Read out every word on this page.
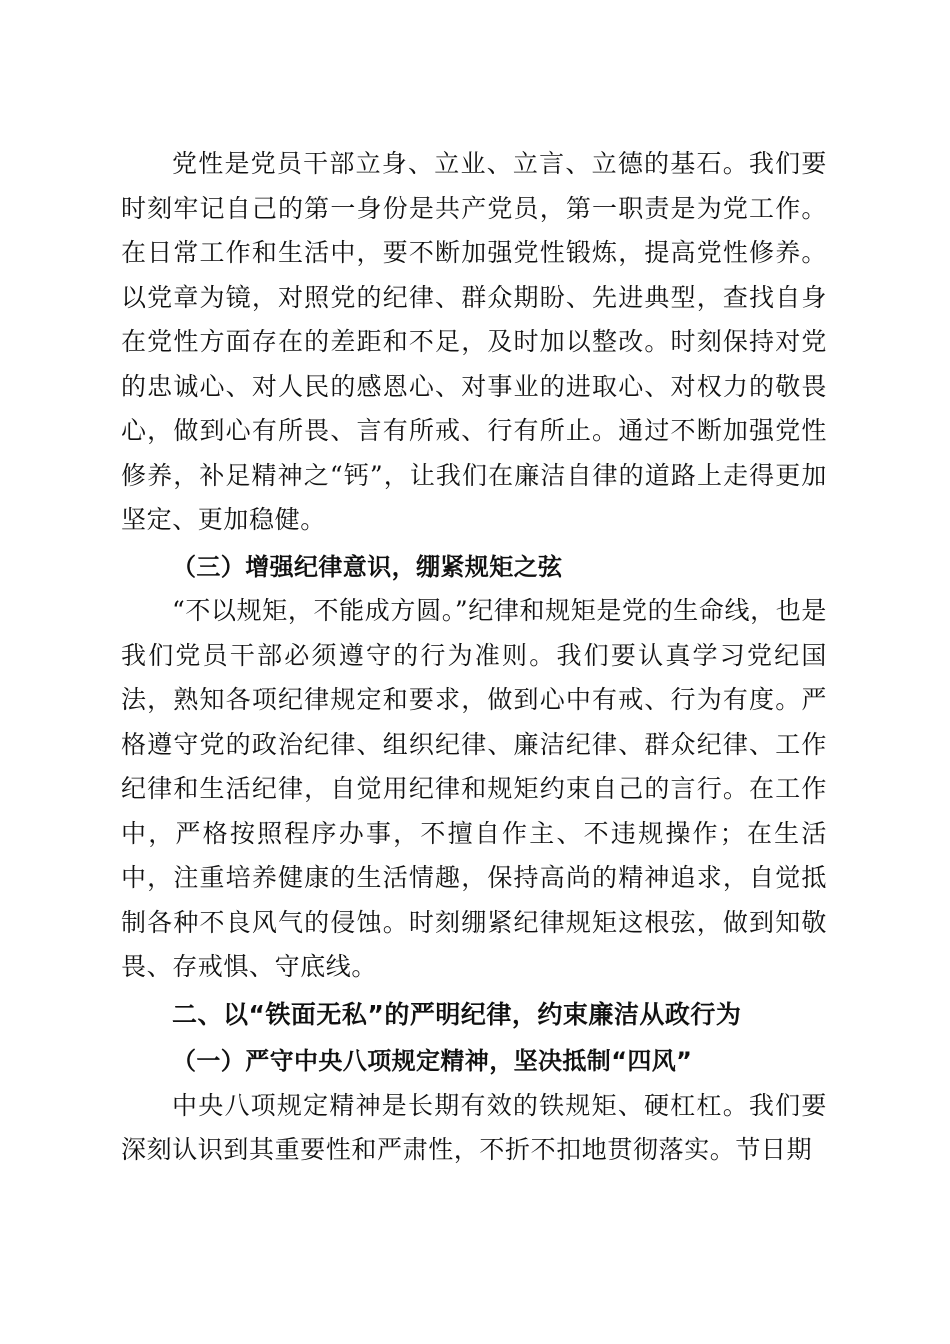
党性是党员干部立身、立业、立言、立德的基石。我们要时刻牢记自己的第一身份是共产党员，第一职责是为党工作。在日常工作和生活中，要不断加强党性锻炼，提高党性修养。以党章为镜，对照党的纪律、群众期盼、先进典型，查找自身在党性方面存在的差距和不足，及时加以整改。时刻保持对党的忠诚心、对人民的感恩心、对事业的进取心、对权力的敬畏心，做到心有所畏、言有所戒、行有所止。通过不断加强党性修养，补足精神之“钙”，让我们在廉洁自律的道路上走得更加坚定、更加稳健。

（三）增强纪律意识，绷紧规矩之弦

“不以规矩，不能成方圆。”纪律和规矩是党的生命线，也是我们党员干部必须遵守的行为准则。我们要认真学习党纪国法，熟知各项纪律规定和要求，做到心中有戒、行为有度。严格遵守党的政治纪律、组织纪律、廉洁纪律、群众纪律、工作纪律和生活纪律，自觉用纪律和规矩约束自己的言行。在工作中，严格按照程序办事，不擅自作主、不违规操作；在生活中，注重培养健康的生活情趣，保持高尚的精神追求，自觉抵制各种不良风气的侵蚀。时刻绷紧纪律规矩这根弦，做到知敬畏、存戒惧、守底线。

二、以“铁面无私”的严明纪律，约束廉洁从政行为

（一）严守中央八项规定精神，坚决抵制“四风”

中央八项规定精神是长期有效的铁规矩、硬杠杠。我们要深刻认识到其重要性和严肃性，不折不扣地贯彻落实。节日期
